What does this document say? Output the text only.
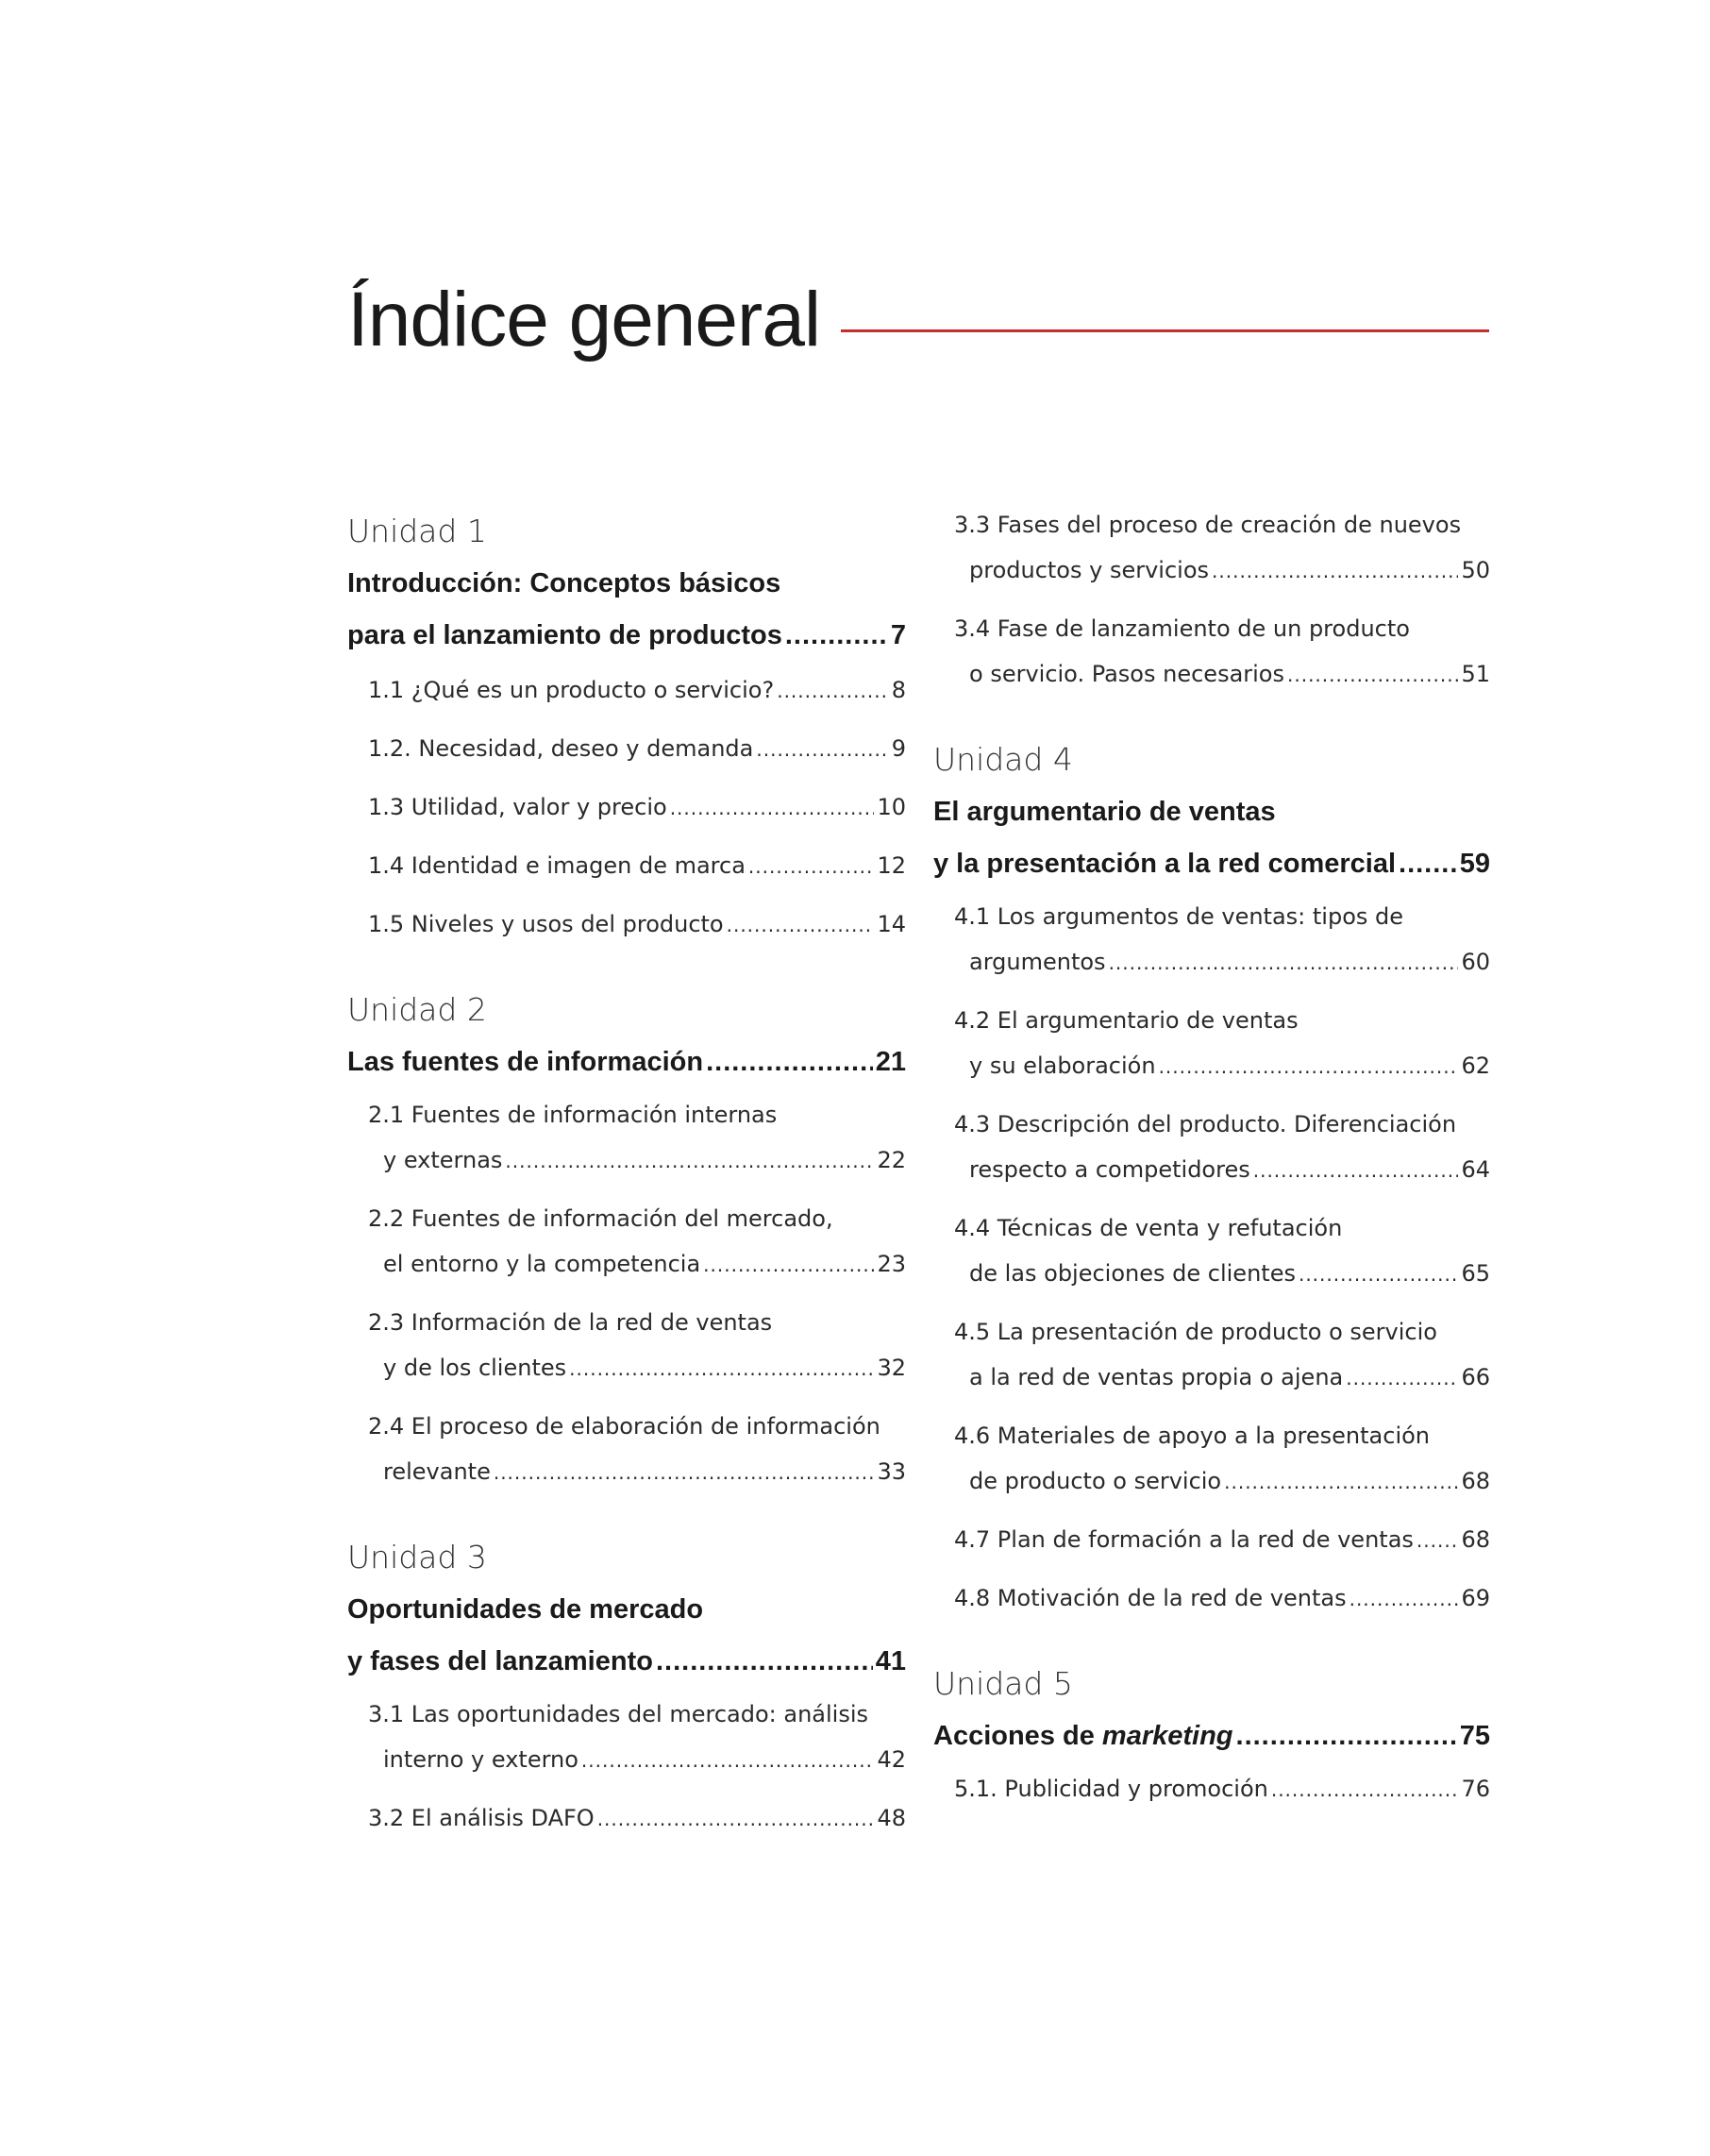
Índice general
Unidad 1
Introducción: Conceptos básicos
para el lanzamiento de productos .....	7
1.1 ¿Qué es un producto o servicio? .....	8
1.2. Necesidad, deseo y demanda .....	9
1.3 Utilidad, valor y precio .....	10
1.4 Identidad e imagen de marca .....	12
1.5 Niveles y usos del producto .....	14
Unidad 2
Las fuentes de información .....	21
2.1 Fuentes de información internas
y externas .....	22
2.2 Fuentes de información del mercado,
el entorno y la competencia .....	23
2.3 Información de la red de ventas
y de los clientes .....	32
2.4 El proceso de elaboración de información
relevante .....	33
Unidad 3
Oportunidades de mercado
y fases del lanzamiento .....	41
3.1 Las oportunidades del mercado: análisis
interno y externo .....	42
3.2 El análisis DAFO .....	48
3.3 Fases del proceso de creación de nuevos
productos y servicios .....	50
3.4 Fase de lanzamiento de un producto
o servicio. Pasos necesarios .....	51
Unidad 4
El argumentario de ventas
y la presentación a la red comercial ..... 59
4.1 Los argumentos de ventas: tipos de
argumentos .....	60
4.2 El argumentario de ventas
y su elaboración .....	62
4.3 Descripción del producto. Diferenciación
respecto a competidores .....	64
4.4 Técnicas de venta y refutación
de las objeciones de clientes .....	65
4.5 La presentación de producto o servicio
a la red de ventas propia o ajena .....	66
4.6 Materiales de apoyo a la presentación
de producto o servicio .....	68
4.7 Plan de formación a la red de ventas ..... 68
4.8 Motivación de la red de ventas .....	69
Unidad 5
Acciones de marketing .....	75
5.1. Publicidad y promoción .....	76
